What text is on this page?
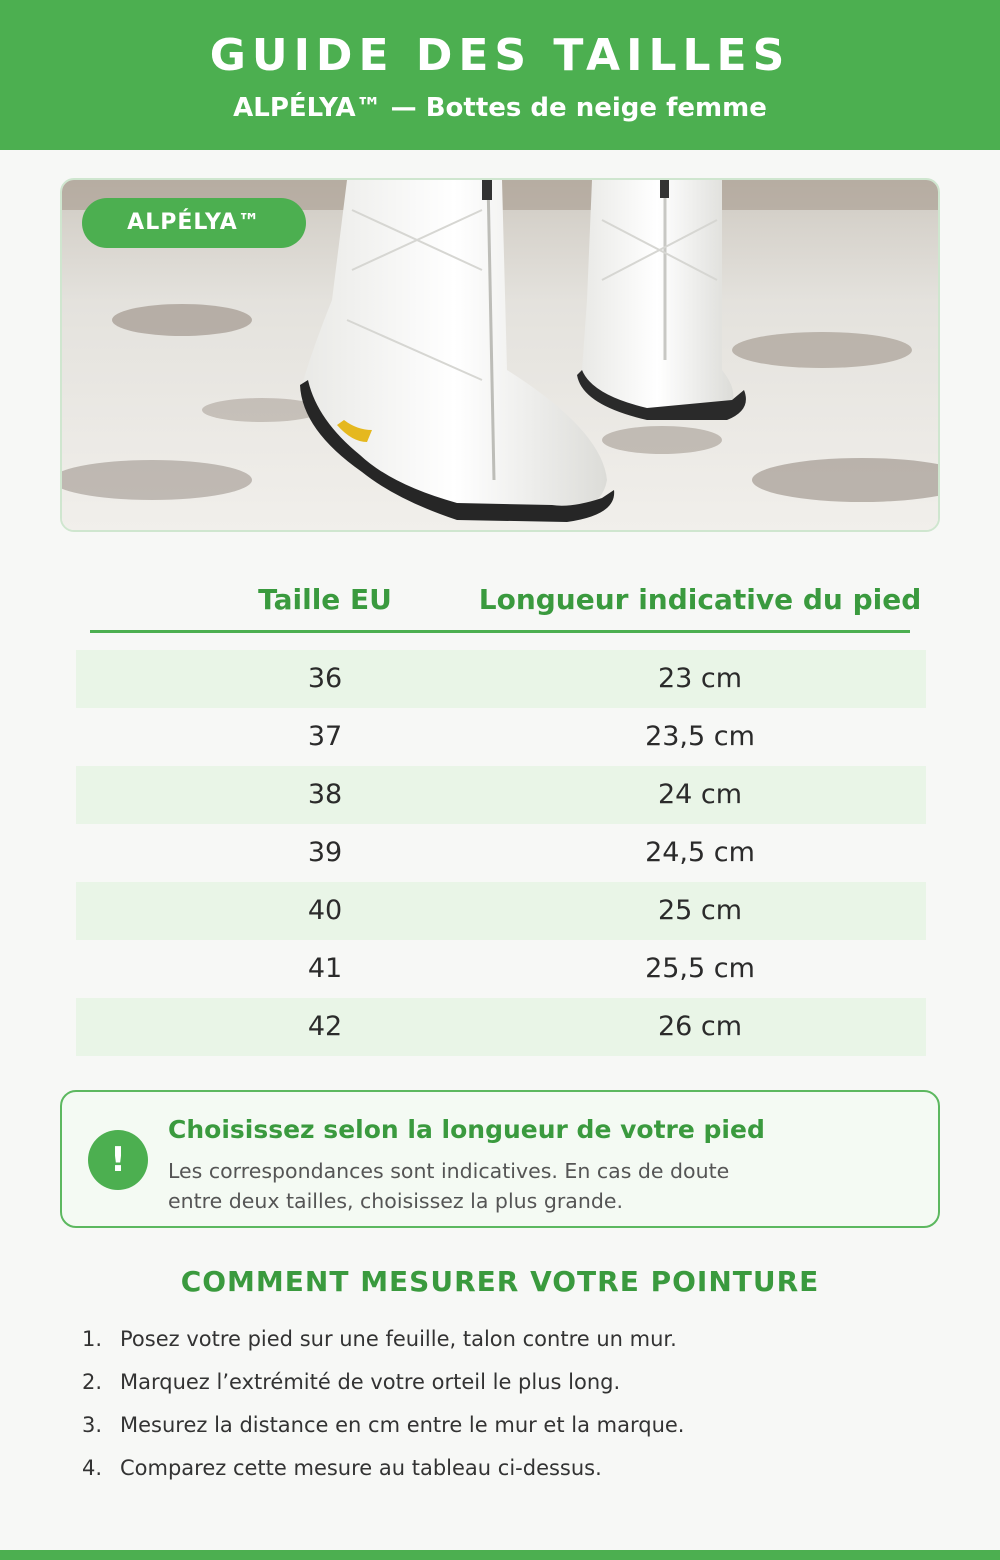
GUIDE DES TAILLES
ALPÉLYA™ — Bottes de neige femme
ALPÉLYA™
Taille EU	Longueur indicative du pied
36	23 cm
37	23,5 cm
38	24 cm
39	24,5 cm
40	25 cm
41	25,5 cm
42	26 cm
!
Choisissez selon la longueur de votre pied
Les correspondances sont indicatives. En cas de doute
entre deux tailles, choisissez la plus grande.
COMMENT MESURER VOTRE POINTURE
1. Posez votre pied sur une feuille, talon contre un mur.
2. Marquez l’extrémité de votre orteil le plus long.
3. Mesurez la distance en cm entre le mur et la marque.
4. Comparez cette mesure au tableau ci-dessus.
